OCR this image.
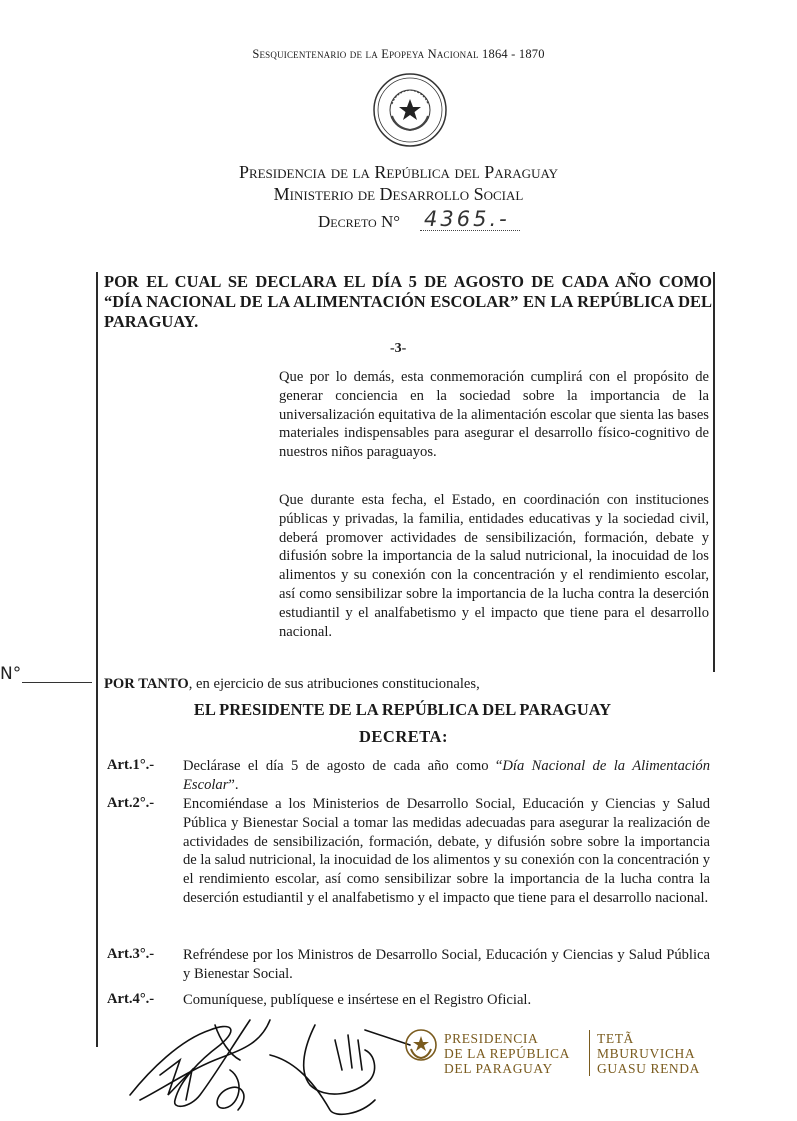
Sesquicentenario de la Epopeya Nacional 1864 - 1870
Presidencia de la República del Paraguay
Ministerio de Desarrollo Social
Decreto N° 4365.-
POR EL CUAL SE DECLARA EL DÍA 5 DE AGOSTO DE CADA AÑO COMO “DÍA NACIONAL DE LA ALIMENTACIÓN ESCOLAR” EN LA REPÚBLICA DEL PARAGUAY.
-3-
Que por lo demás, esta conmemoración cumplirá con el propósito de generar conciencia en la sociedad sobre la importancia de la universalización equitativa de la alimentación escolar que sienta las bases materiales indispensables para asegurar el desarrollo físico-cognitivo de nuestros niños paraguayos.
Que durante esta fecha, el Estado, en coordinación con instituciones públicas y privadas, la familia, entidades educativas y la sociedad civil, deberá promover actividades de sensibilización, formación, debate y difusión sobre la importancia de la salud nutricional, la inocuidad de los alimentos y su conexión con la concentración y el rendimiento escolar, así como sensibilizar sobre la importancia de la lucha contra la deserción estudiantil y el analfabetismo y el impacto que tiene para el desarrollo nacional.
N°	POR TANTO, en ejercicio de sus atribuciones constitucionales,
EL PRESIDENTE DE LA REPÚBLICA DEL PARAGUAY
DECRETA:
Art.1°.- Declárase el día 5 de agosto de cada año como “Día Nacional de la Alimentación Escolar”.
Art.2°.- Encomiéndase a los Ministerios de Desarrollo Social, Educación y Ciencias y Salud Pública y Bienestar Social a tomar las medidas adecuadas para asegurar la realización de actividades de sensibilización, formación, debate, y difusión sobre sobre la importancia de la salud nutricional, la inocuidad de los alimentos y su conexión con la concentración y el rendimiento escolar, así como sensibilizar sobre la importancia de la lucha contra la deserción estudiantil y el analfabetismo y el impacto que tiene para el desarrollo nacional.
Art.3°.- Refréndese por los Ministros de Desarrollo Social, Educación y Ciencias y Salud Pública y Bienestar Social.
Art.4°.- Comuníquese, publíquese e insértese en el Registro Oficial.
PRESIDENCIA
DE LA REPÚBLICA
DEL PARAGUAY
TETÃ
MBURUVICHA
GUASU RENDA
